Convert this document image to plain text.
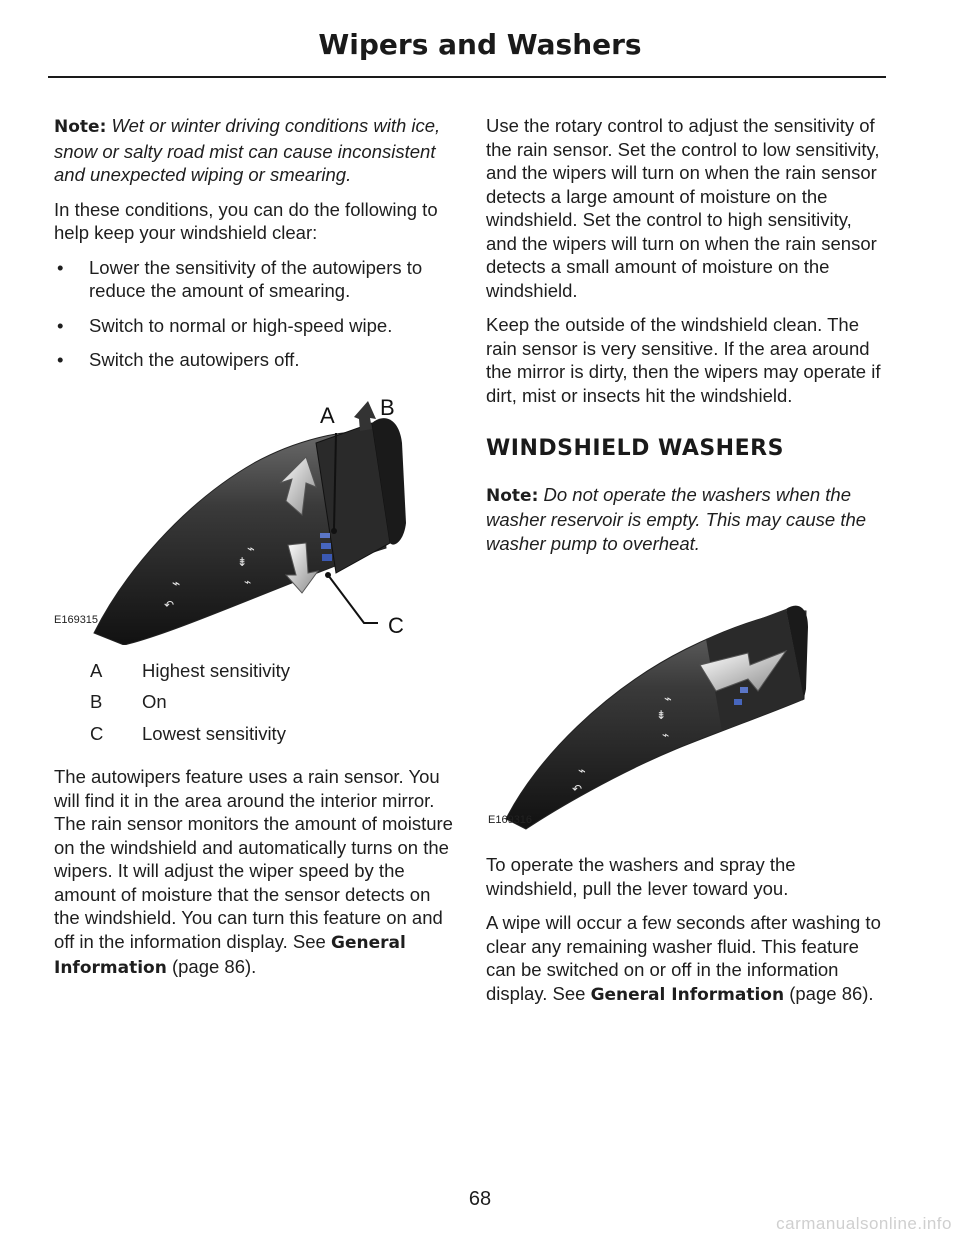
Wipers and Washers

Note: Wet or winter driving conditions with ice, snow or salty road mist can cause inconsistent and unexpected wiping or smearing.

In these conditions, you can do the following to help keep your windshield clear:

• Lower the sensitivity of the autowipers to reduce the amount of smearing.
• Switch to normal or high-speed wipe.
• Switch the autowipers off.
⌁
↶
⇟
⌁
⌁
A B
C
E169315
A	Highest sensitivity
B	On
C	Lowest sensitivity

The autowipers feature uses a rain sensor. You will find it in the area around the interior mirror. The rain sensor monitors the amount of moisture on the windshield and automatically turns on the wipers. It will adjust the wiper speed by the amount of moisture that the sensor detects on the windshield. You can turn this feature on and off in the information display. See General Information (page 86).

Use the rotary control to adjust the sensitivity of the rain sensor. Set the control to low sensitivity, and the wipers will turn on when the rain sensor detects a large amount of moisture on the windshield. Set the control to high sensitivity, and the wipers will turn on when the rain sensor detects a small amount of moisture on the windshield.

Keep the outside of the windshield clean. The rain sensor is very sensitive. If the area around the mirror is dirty, then the wipers may operate if dirt, mist or insects hit the windshield.

WINDSHIELD WASHERS

Note: Do not operate the washers when the washer reservoir is empty. This may cause the washer pump to overheat.

⌁
↶
⇟
⌁
⌁
E169316

To operate the washers and spray the windshield, pull the lever toward you.

A wipe will occur a few seconds after washing to clear any remaining washer fluid. This feature can be switched on or off in the information display. See General Information (page 86).

68
carmanualsonline.info
